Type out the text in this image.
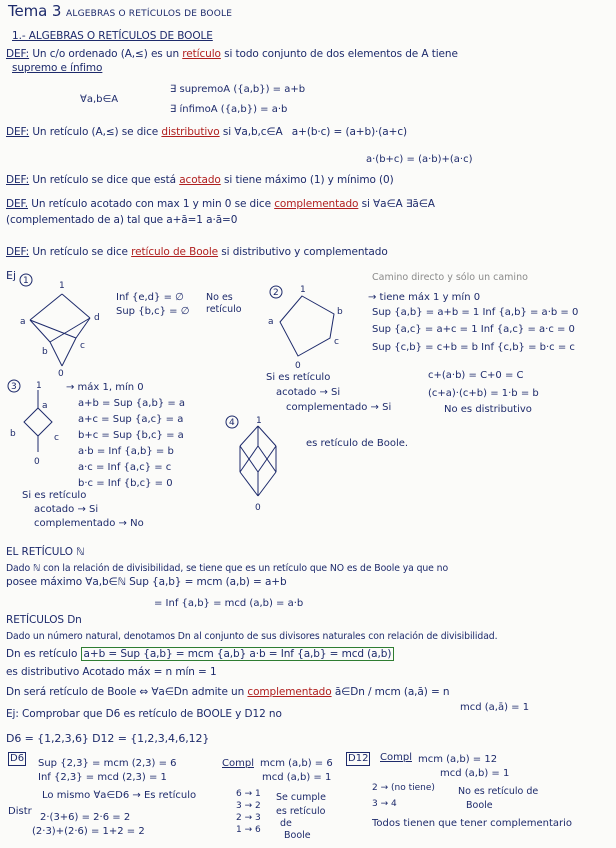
Tema 3 ALGEBRAS O RETÍCULOS DE BOOLE
1.- ALGEBRAS O RETÍCULOS DE BOOLE
DEF: Un c/o ordenado (A,≤) es un retículo si todo conjunto de dos elementos de A tiene
supremo e ínfimo
∃ supremoA ({a,b}) = a+b
∀a,b∈A
∃ ínfimoA ({a,b}) = a·b
DEF: Un retículo (A,≤) se dice distributivo si ∀a,b,c∈A a+(b·c) = (a+b)·(a+c)
a·(b+c) = (a·b)+(a·c)
DEF: Un retículo se dice que está acotado si tiene máximo (1) y mínimo (0)
DEF. Un retículo acotado con max 1 y min 0 se dice complementado si ∀a∈A ∃ā∈A
(complementado de a) tal que a+ā=1 a·ā=0
DEF: Un retículo se dice retículo de Boole si distributivo y complementado
Ej 1	1
a
b
d
c
0
Inf {e,d} = ∅
Sup {b,c} = ∅
No es
retículo
2 1
a
b
c
0
Camino directo y sólo un camino
→ tiene máx 1 y mín 0
Sup {a,b} = a+b = 1 Inf {a,b} = a·b = 0
Sup {a,c} = a+c = 1 Inf {a,c} = a·c = 0
Sup {c,b} = c+b = b Inf {c,b} = b·c = c
Si es retículo
acotado → Si
complementado → Si
c+(a·b) = C+0 = C
(c+a)·(c+b) = 1·b = b
No es distributivo
3 1
a
b	c
0
→ máx 1, mín 0
a+b = Sup {a,b} = a
a+c = Sup {a,c} = a
b+c = Sup {b,c} = a
a·b = Inf {a,b} = b
a·c = Inf {a,c} = c
b·c = Inf {b,c} = 0
Si es retículo
acotado → Si
complementado → No
4 1
0
es retículo de Boole.
EL RETÍCULO ℕ
Dado ℕ con la relación de divisibilidad, se tiene que es un retículo que NO es de Boole ya que no
posee máximo ∀a,b∈ℕ Sup {a,b} = mcm (a,b) = a+b
= Inf {a,b} = mcd (a,b) = a·b
RETÍCULOS Dn
Dado un número natural, denotamos Dn al conjunto de sus divisores naturales con relación de divisibilidad.
Dn es retículo a+b = Sup {a,b} = mcm {a,b} a·b = Inf {a,b} = mcd (a,b)
es distributivo Acotado máx = n mín = 1
Dn será retículo de Boole ⇔ ∀a∈Dn admite un complementado ā∈Dn / mcm (a,ā) = n
mcd (a,ā) = 1
Ej: Comprobar que D6 es retículo de BOOLE y D12 no
D6 = {1,2,3,6} D12 = {1,2,3,4,6,12}
D6 Sup {2,3} = mcm (2,3) = 6
Inf {2,3} = mcd (2,3) = 1
Lo mismo ∀a∈D6 → Es retículo
Distr
2·(3+6) = 2·6 = 2
(2·3)+(2·6) = 1+2 = 2
Compl mcm (a,b) = 6
mcd (a,b) = 1
6 → 1
3 → 2
2 → 3
1 → 6
Se cumple
es retículo
de
Boole
D12 Compl mcm (a,b) = 12
mcd (a,b) = 1
2 → (no tiene)
3 → 4
No es retículo de
Boole
Todos tienen que tener complementario
